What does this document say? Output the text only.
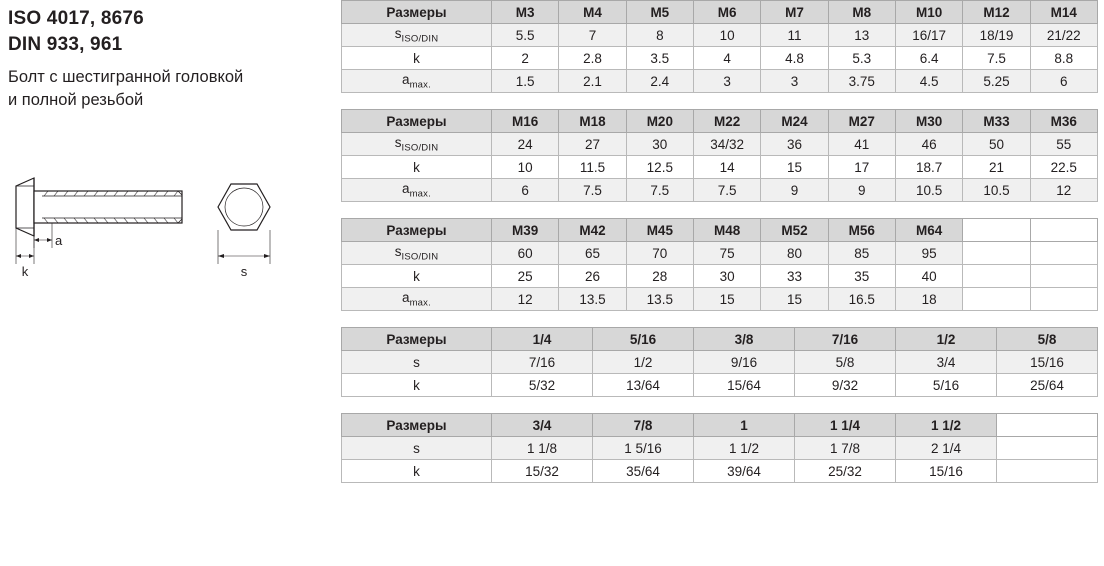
ISO 4017, 8676
DIN 933, 961
Болт с шестигранной головкой
и полной резьбой
k
a
s
Размеры	M3	M4	M5	M6	M7	M8	M10	M12	M14
$s_{ISO/DIN}$	5.5	7	8	10	11	13	16/17	18/19	21/22
k	2	2.8	3.5	4	4.8	5.3	6.4	7.5	8.8
$a_{max.}$	1.5	2.1	2.4	3	3	3.75	4.5	5.25	6
Размеры	M16	M18	M20	M22	M24	M27	M30	M33	M36
$s_{ISO/DIN}$	24	27	30	34/32	36	41	46	50	55
k	10	11.5	12.5	14	15	17	18.7	21	22.5
$a_{max.}$	6	7.5	7.5	7.5	9	9	10.5	10.5	12
Размеры	M39	M42	M45	M48	M52	M56	M64		
$s_{ISO/DIN}$	60	65	70	75	80	85	95		
k	25	26	28	30	33	35	40		
$a_{max.}$	12	13.5	13.5	15	15	16.5	18		
Размеры	1/4	5/16	3/8	7/16	1/2	5/8
s	7/16	1/2	9/16	5/8	3/4	15/16
k	5/32	13/64	15/64	9/32	5/16	25/64
Размеры	3/4	7/8	1	1 1/4	1 1/2	
s	1 1/8	1 5/16	1 1/2	1 7/8	2 1/4	
k	15/32	35/64	39/64	25/32	15/16	
